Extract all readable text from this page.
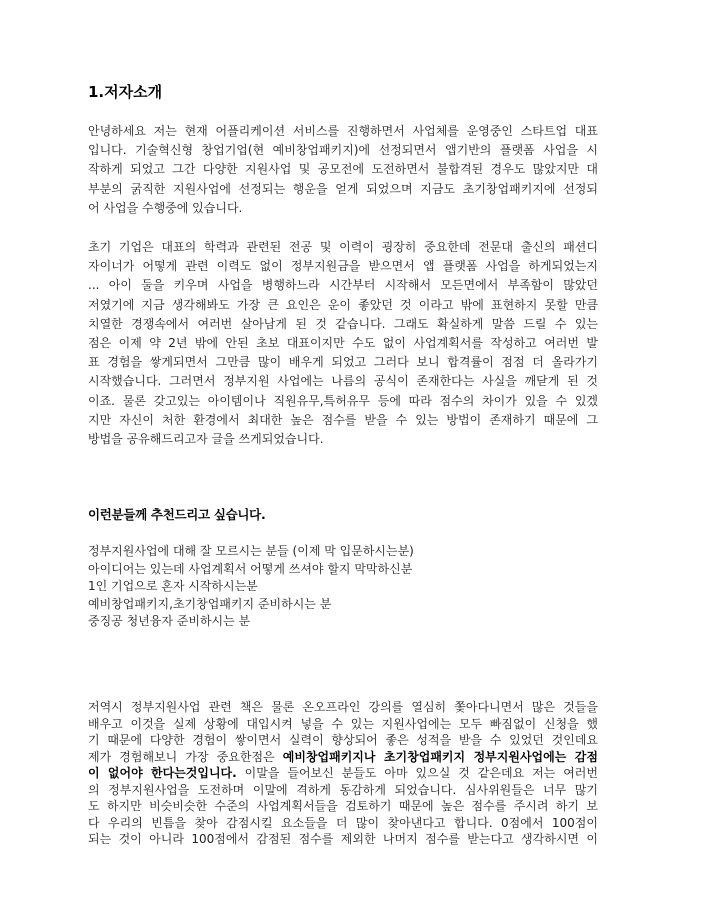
1.저자소개
안녕하세요 저는 현재 어플리케이션 서비스를 진행하면서 사업체를 운영중인 스타트업 대표
입니다. 기술혁신형 창업기업(현 예비창업패키지)에 선정되면서 앱기반의 플랫폼 사업을 시
작하게 되었고 그간 다양한 지원사업 및 공모전에 도전하면서 불합격된 경우도 많았지만 대
부분의 굵직한 지원사업에 선정되는 행운을 얻게 되었으며 지금도 초기창업패키지에 선정되
어 사업을 수행중에 있습니다.
초기 기업은 대표의 학력과 관련된 전공 및 이력이 굉장히 중요한데 전문대 출신의 패션디
자이너가 어떻게 관련 이력도 없이 정부지원금을 받으면서 앱 플랫폼 사업을 하게되었는지
... 아이 둘을 키우며 사업을 병행하느라 시간부터 시작해서 모든면에서 부족함이 많았던
저였기에 지금 생각해봐도 가장 큰 요인은 운이 좋았던 것 이라고 밖에 표현하지 못할 만큼
치열한 경쟁속에서 여러번 살아남게 된 것 같습니다. 그래도 확실하게 말씀 드릴 수 있는
점은 이제 약 2년 밖에 안된 초보 대표이지만 수도 없이 사업계획서를 작성하고 여러번 발
표 경험을 쌓게되면서 그만큼 많이 배우게 되었고 그러다 보니 합격률이 점점 더 올라가기
시작했습니다. 그러면서 정부지원 사업에는 나름의 공식이 존재한다는 사실을 깨닫게 된 것
이죠. 물론 갖고있는 아이템이나 직원유무,특허유무 등에 따라 점수의 차이가 있을 수 있겠
지만 자신이 처한 환경에서 최대한 높은 점수를 받을 수 있는 방법이 존재하기 때문에 그
방법을 공유해드리고자 글을 쓰게되었습니다.
이런분들께 추천드리고 싶습니다.
정부지원사업에 대해 잘 모르시는 분들 (이제 막 입문하시는분)
아이디어는 있는데 사업계획서 어떻게 쓰셔야 할지 막막하신분
1인 기업으로 혼자 시작하시는분
예비창업패키지,초기창업패키지 준비하시는 분
중징공 청년융자 준비하시는 분
저역시 정부지원사업 관련 책은 물론 온오프라인 강의를 열심히 쫓아다니면서 많은 것들을
배우고 이것을 실제 상황에 대입시켜 넣을 수 있는 지원사업에는 모두 빠짐없이 신청을 했
기 때문에 다양한 경험이 쌓이면서 실력이 향상되어 좋은 성적을 받을 수 있었던 것인데요
제가 경험해보니 가장 중요한점은 예비창업패키지나 초기창업패키지 정부지원사업에는 감점
이 없어야 한다는것입니다. 이말을 들어보신 분들도 아마 있으실 것 같은데요 저는 여러번
의 정부지원사업을 도전하며 이말에 격하게 동감하게 되었습니다. 심사위원들은 너무 많기
도 하지만 비슷비슷한 수준의 사업계획서들을 검토하기 때문에 높은 점수를 주시려 하기 보
다 우리의 빈틈을 찾아 감점시킬 요소들을 더 많이 찾아낸다고 합니다. 0점에서 100점이
되는 것이 아니라 100점에서 감점된 점수를 제외한 나머지 점수를 받는다고 생각하시면 이
